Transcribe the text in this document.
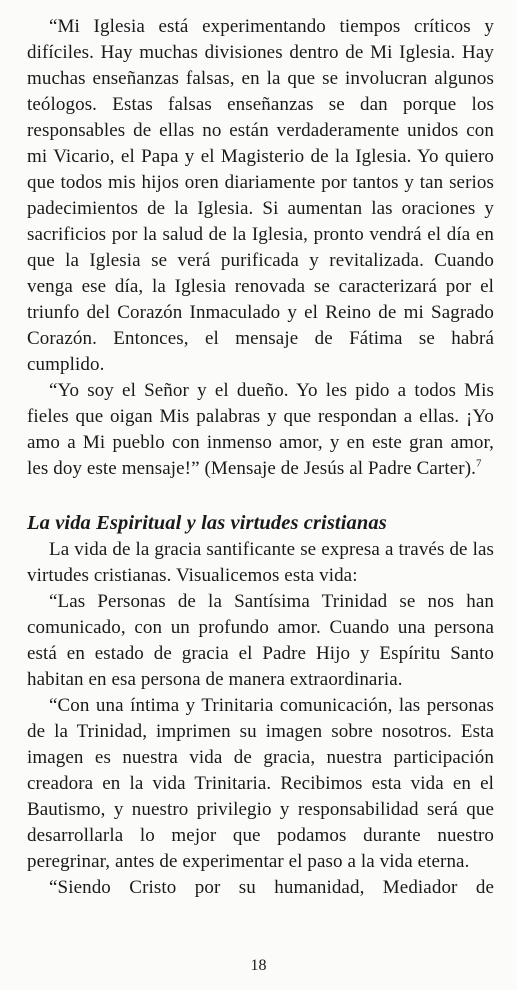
“Mi Iglesia está experimentando tiempos críticos y difíciles. Hay muchas divisiones dentro de Mi Iglesia. Hay muchas enseñanzas falsas, en la que se involucran algunos teólogos. Estas falsas enseñanzas se dan porque los responsables de ellas no están verdaderamente unidos con mi Vicario, el Papa y el Magisterio de la Iglesia. Yo quiero que todos mis hijos oren diariamente por tantos y tan serios padecimientos de la Iglesia. Si aumentan las oraciones y sacrificios por la salud de la Iglesia, pronto vendrá el día en que la Iglesia se verá purificada y revitalizada. Cuando venga ese día, la Iglesia renovada se caracterizará por el triunfo del Corazón Inmaculado y el Reino de mi Sagrado Corazón. Entonces, el mensaje de Fátima se habrá cumplido.

“Yo soy el Señor y el dueño. Yo les pido a todos Mis fieles que oigan Mis palabras y que respondan a ellas. ¡Yo amo a Mi pueblo con inmenso amor, y en este gran amor, les doy este mensaje!” (Mensaje de Jesús al Padre Carter).$^7$

La vida Espiritual y las virtudes cristianas

La vida de la gracia santificante se expresa a través de las virtudes cristianas. Visualicemos esta vida:

“Las Personas de la Santísima Trinidad se nos han comunicado, con un profundo amor. Cuando una persona está en estado de gracia el Padre Hijo y Espíritu Santo habitan en esa persona de manera extraordinaria.

“Con una íntima y Trinitaria comunicación, las personas de la Trinidad, imprimen su imagen sobre nosotros. Esta imagen es nuestra vida de gracia, nuestra participación creadora en la vida Trinitaria. Recibimos esta vida en el Bautismo, y nuestro privilegio y responsabilidad será que desarrollarla lo mejor que podamos durante nuestro peregrinar, antes de experimentar el paso a la vida eterna.

“Siendo Cristo por su humanidad, Mediador de

18
